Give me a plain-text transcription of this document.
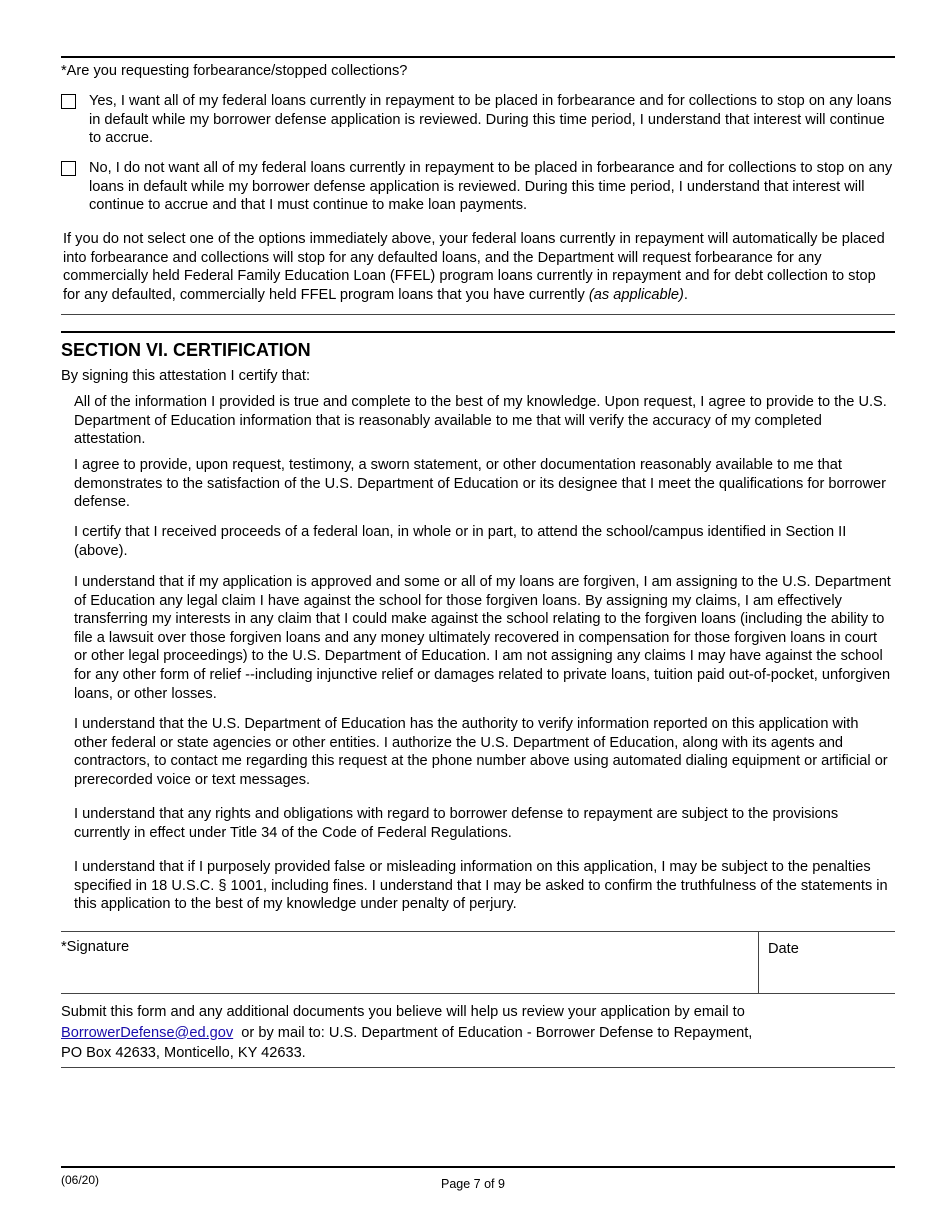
*Are you requesting forbearance/stopped collections?
Yes, I want all of my federal loans currently in repayment to be placed in forbearance and for collections to stop on any loans in default while my borrower defense application is reviewed. During this time period, I understand that interest will continue to accrue.
No, I do not want all of my federal loans currently in repayment to be placed in forbearance and for collections to stop on any loans in default while my borrower defense application is reviewed. During this time period, I understand that interest will continue to accrue and that I must continue to make loan payments.
If you do not select one of the options immediately above, your federal loans currently in repayment will automatically be placed into forbearance and collections will stop for any defaulted loans, and the Department will request forbearance for any commercially held Federal Family Education Loan (FFEL) program loans currently in repayment and for debt collection to stop for any defaulted, commercially held FFEL program loans that you have currently (as applicable).
SECTION VI. CERTIFICATION
By signing this attestation I certify that:
All of the information I provided is true and complete to the best of my knowledge. Upon request, I agree to provide to the U.S. Department of Education information that is reasonably available to me that will verify the accuracy of my completed attestation.
I agree to provide, upon request, testimony, a sworn statement, or other documentation reasonably available to me that demonstrates to the satisfaction of the U.S. Department of Education or its designee that I meet the qualifications for borrower defense.
I certify that I received proceeds of a federal loan, in whole or in part, to attend the school/campus identified in Section II (above).
I understand that if my application is approved and some or all of my loans are forgiven, I am assigning to the U.S. Department of Education any legal claim I have against the school for those forgiven loans. By assigning my claims, I am effectively transferring my interests in any claim that I could make against the school relating to the forgiven loans (including the ability to file a lawsuit over those forgiven loans and any money ultimately recovered in compensation for those forgiven loans in court or other legal proceedings) to the U.S. Department of Education. I am not assigning any claims I may have against the school for any other form of relief --including injunctive relief or damages related to private loans, tuition paid out-of-pocket, unforgiven loans, or other losses.
I understand that the U.S. Department of Education has the authority to verify information reported on this application with other federal or state agencies or other entities. I authorize the U.S. Department of Education, along with its agents and contractors, to contact me regarding this request at the phone number above using automated dialing equipment or artificial or prerecorded voice or text messages.
I understand that any rights and obligations with regard to borrower defense to repayment are subject to the provisions currently in effect under Title 34 of the Code of Federal Regulations.
I understand that if I purposely provided false or misleading information on this application, I may be subject to the penalties specified in 18 U.S.C. § 1001, including fines. I understand that I may be asked to confirm the truthfulness of the statements in this application to the best of my knowledge under penalty of perjury.
*Signature	Date
Submit this form and any additional documents you believe will help us review your application by email to
BorrowerDefense@ed.gov  or by mail to: U.S. Department of Education - Borrower Defense to Repayment,
PO Box 42633, Monticello, KY 42633.
(06/20)	Page 7 of 9
